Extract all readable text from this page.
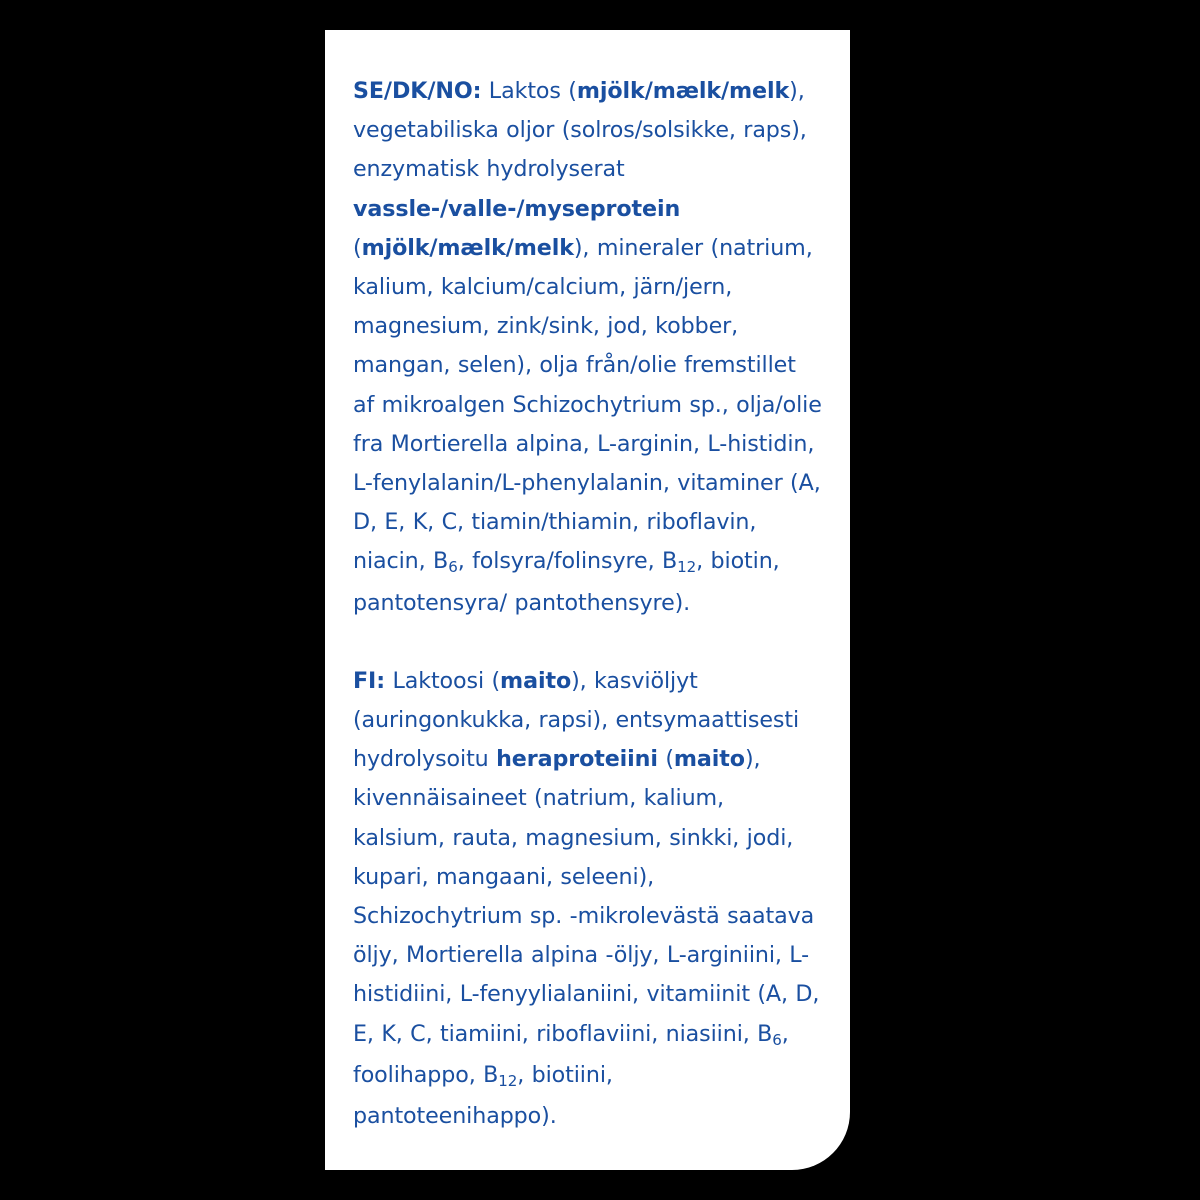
SE/DK/NO: Laktos (mjölk/mælk/melk), vegetabiliska oljor (solros/solsikke, raps), enzymatisk hydrolyserat vassle-/valle-/myseprotein (mjölk/mælk/melk), mineraler (natrium, kalium, kalcium/calcium, järn/jern, magnesium, zink/sink, jod, kobber, mangan, selen), olja från/olie fremstillet af mikroalgen Schizochytrium sp., olja/olie fra Mortierella alpina, L-arginin, L-histidin, L-fenylalanin/L-phenylalanin, vitaminer (A, D, E, K, C, tiamin/thiamin, riboflavin, niacin, $B_6$, folsyra/folinsyre, $B_{12}$, biotin, pantotensyra/ pantothensyre).
FI: Laktoosi (maito), kasviöljyt (auringonkukka, rapsi), entsymaattisesti hydrolysoitu heraproteiini (maito), kivennäisaineet (natrium, kalium, kalsium, rauta, magnesium, sinkki, jodi, kupari, mangaani, seleeni), Schizochytrium sp. -mikrolevästä saatava öljy, Mortierella alpina -öljy, L-arginiini, L-histidiini, L-fenyylialaniini, vitamiinit (A, D, E, K, C, tiamiini, riboflaviini, niasiini, $B_6$, foolihappo, $B_{12}$, biotiini, pantoteenihappo).
